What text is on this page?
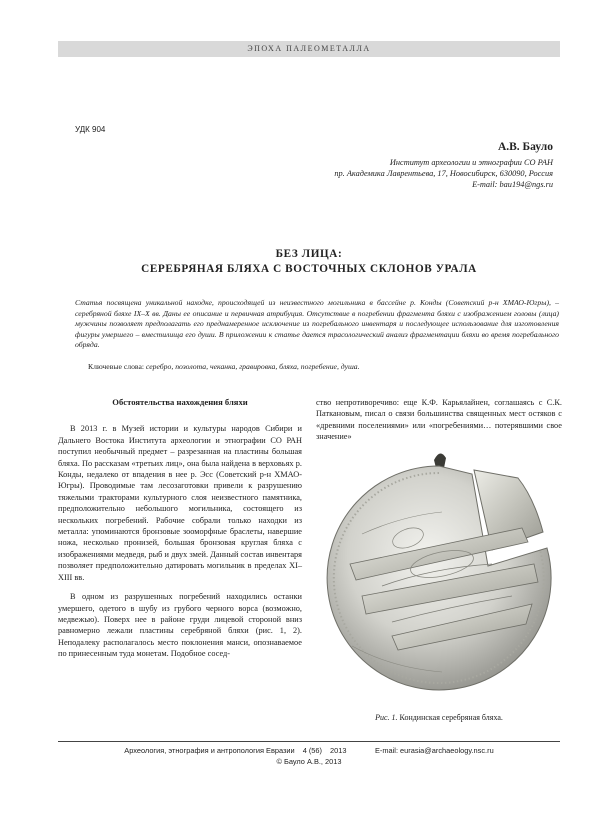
ЭПОХА ПАЛЕОМЕТАЛЛА
УДК 904
А.В. Бауло
Институт археологии и этнографии СО РАН
пр. Академика Лаврентьева, 17, Новосибирск, 630090, Россия
E-mail: bau194@ngs.ru
БЕЗ ЛИЦА:
СЕРЕБРЯНАЯ БЛЯХА С ВОСТОЧНЫХ СКЛОНОВ УРАЛА
Статья посвящена уникальной находке, происходящей из неизвестного могильника в бассейне р. Конды (Советский р-н ХМАО-Югры), – серебряной бляхе IX–X вв. Даны ее описание и первичная атрибуция. Отсутствие в погребении фрагмента бляхи с изображением головы (лица) мужчины позволяет предполагать его преднамеренное исключение из погребального инвентаря и последующее использование для изготовления фигуры умершего – вместилища его души. В приложении к статье дается трасологический анализ фрагментации бляхи во время погребального обряда.
Ключевые слова: серебро, позолота, чеканка, гравировка, бляха, погребение, душа.
Обстоятельства нахождения бляхи

В 2013 г. в Музей истории и культуры народов Сибири и Дальнего Востока Института археологии и этнографии СО РАН поступил необычный предмет – разрезанная на пластины большая бляха. По рассказам «третьих лиц», она была найдена в верховьях р. Конды, недалеко от впадения в нее р. Эсс (Советский р-н ХМАО-Югры). Проводимые там лесозаготовки привели к разрушению тяжелыми тракторами культурного слоя неизвестного памятника, предположительно небольшого могильника, состоящего из нескольких погребений. Рабочие собрали только находки из металла: упоминаются бронзовые зооморфные браслеты, навершие ножа, несколько пронизей, большая бронзовая круглая бляха с изображениями медведя, рыб и двух змей. Данный состав инвентаря позволяет предположительно датировать могильник в пределах XI–XIII вв.

В одном из разрушенных погребений находились останки умершего, одетого в шубу из грубого черного ворса (возможно, медвежью). Поверх нее в районе груди лицевой стороной вниз равномерно лежали пластины серебряной бляхи (рис. 1, 2). Неподалеку располагалось место поклонения манси, опознаваемое по принесенным туда монетам. Подобное сосед-

ство непротиворечиво: еще К.Ф. Карьялайнен, соглашаясь с С.К. Паткановым, писал о связи большинства священных мест остяков с «древними поселениями» или «погребениями… потерявшими свое значение»
Рис. 1. Кондинская серебряная бляха.
Археология, этнография и антропология Евразии 4 (56) 2013	E-mail: eurasia@archaeology.nsc.ru
© Бауло А.В., 2013
